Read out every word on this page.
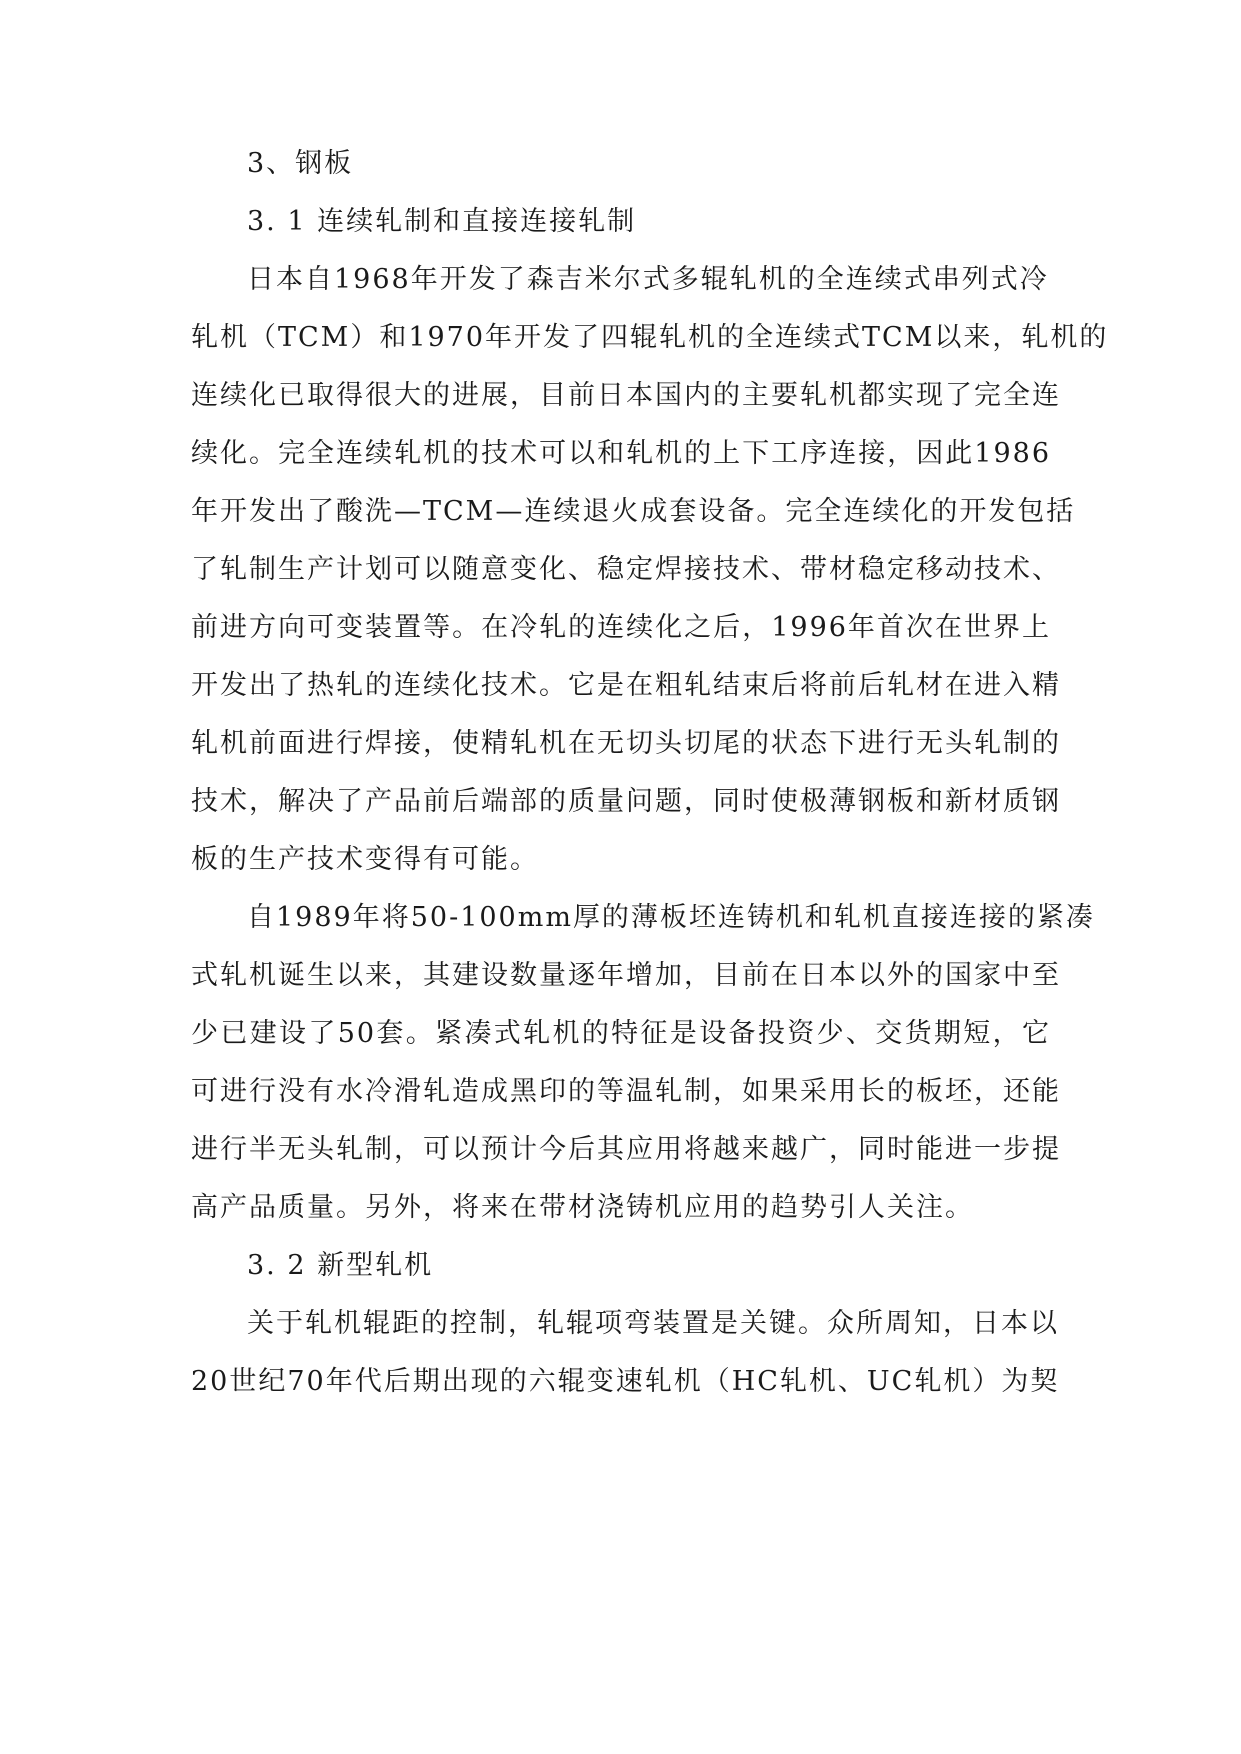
3、钢板
3. 1 连续轧制和直接连接轧制
日本自1968年开发了森吉米尔式多辊轧机的全连续式串列式冷
轧机（TCM）和1970年开发了四辊轧机的全连续式TCM以来，轧机的
连续化已取得很大的进展，目前日本国内的主要轧机都实现了完全连
续化。完全连续轧机的技术可以和轧机的上下工序连接，因此1986
年开发出了酸洗—TCM—连续退火成套设备。完全连续化的开发包括
了轧制生产计划可以随意变化、稳定焊接技术、带材稳定移动技术、
前进方向可变装置等。在冷轧的连续化之后，1996年首次在世界上
开发出了热轧的连续化技术。它是在粗轧结束后将前后轧材在进入精
轧机前面进行焊接，使精轧机在无切头切尾的状态下进行无头轧制的
技术，解决了产品前后端部的质量问题，同时使极薄钢板和新材质钢
板的生产技术变得有可能。
自1989年将50-100mm厚的薄板坯连铸机和轧机直接连接的紧凑
式轧机诞生以来，其建设数量逐年增加，目前在日本以外的国家中至
少已建设了50套。紧凑式轧机的特征是设备投资少、交货期短，它
可进行没有水冷滑轧造成黑印的等温轧制，如果采用长的板坯，还能
进行半无头轧制，可以预计今后其应用将越来越广，同时能进一步提
高产品质量。另外，将来在带材浇铸机应用的趋势引人关注。
3. 2 新型轧机
关于轧机辊距的控制，轧辊项弯装置是关键。众所周知，日本以
20世纪70年代后期出现的六辊变速轧机（HC轧机、UC轧机）为契
